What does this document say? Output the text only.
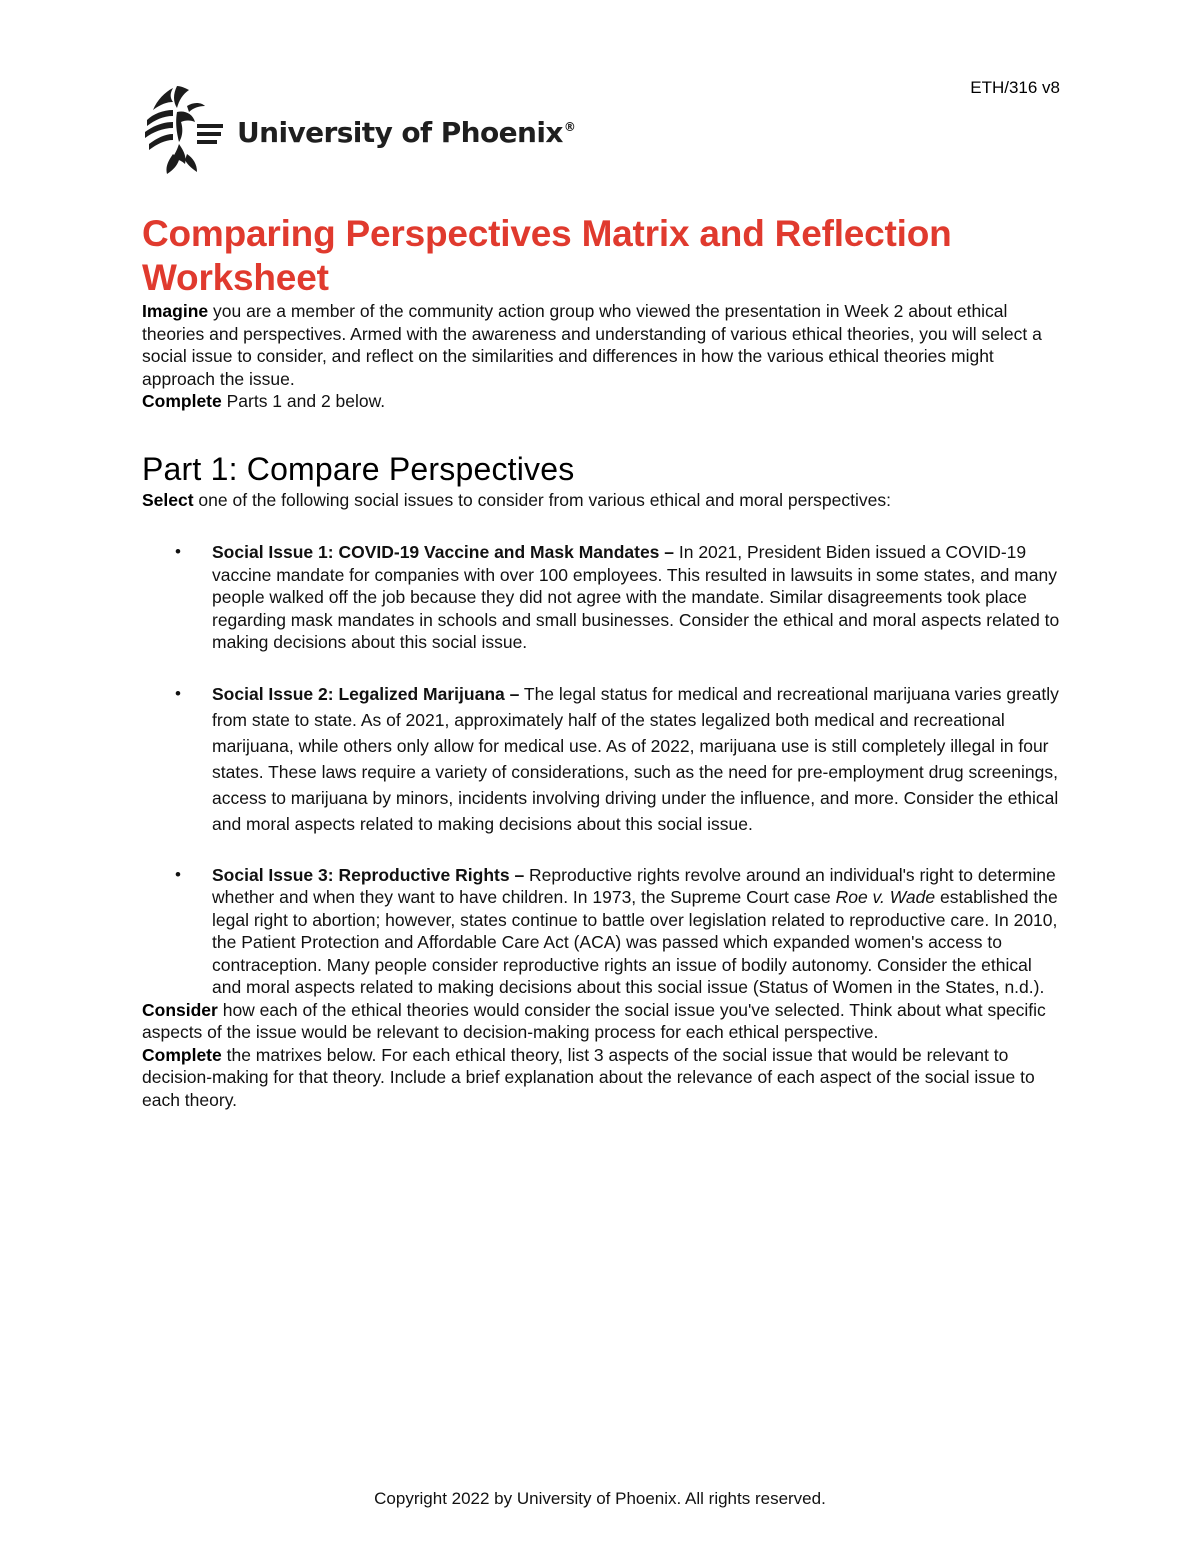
ETH/316 v8
University of Phoenix®
Comparing Perspectives Matrix and Reflection Worksheet

Imagine you are a member of the community action group who viewed the presentation in Week 2 about ethical theories and perspectives. Armed with the awareness and understanding of various ethical theories, you will select a social issue to consider, and reflect on the similarities and differences in how the various ethical theories might approach the issue.

Complete Parts 1 and 2 below.

Part 1: Compare Perspectives

Select one of the following social issues to consider from various ethical and moral perspectives:

• Social Issue 1: COVID-19 Vaccine and Mask Mandates – In 2021, President Biden issued a COVID-19 vaccine mandate for companies with over 100 employees. This resulted in lawsuits in some states, and many people walked off the job because they did not agree with the mandate. Similar disagreements took place regarding mask mandates in schools and small businesses. Consider the ethical and moral aspects related to making decisions about this social issue.
• Social Issue 2: Legalized Marijuana – The legal status for medical and recreational marijuana varies greatly from state to state. As of 2021, approximately half of the states legalized both medical and recreational marijuana, while others only allow for medical use. As of 2022, marijuana use is still completely illegal in four states. These laws require a variety of considerations, such as the need for pre-employment drug screenings, access to marijuana by minors, incidents involving driving under the influence, and more. Consider the ethical and moral aspects related to making decisions about this social issue.
• Social Issue 3: Reproductive Rights – Reproductive rights revolve around an individual's right to determine whether and when they want to have children. In 1973, the Supreme Court case Roe v. Wade established the legal right to abortion; however, states continue to battle over legislation related to reproductive care. In 2010, the Patient Protection and Affordable Care Act (ACA) was passed which expanded women's access to contraception. Many people consider reproductive rights an issue of bodily autonomy. Consider the ethical and moral aspects related to making decisions about this social issue (Status of Women in the States, n.d.).

Consider how each of the ethical theories would consider the social issue you've selected. Think about what specific aspects of the issue would be relevant to decision-making process for each ethical perspective.

Complete the matrixes below. For each ethical theory, list 3 aspects of the social issue that would be relevant to decision-making for that theory. Include a brief explanation about the relevance of each aspect of the social issue to each theory.

Copyright 2022 by University of Phoenix. All rights reserved.
